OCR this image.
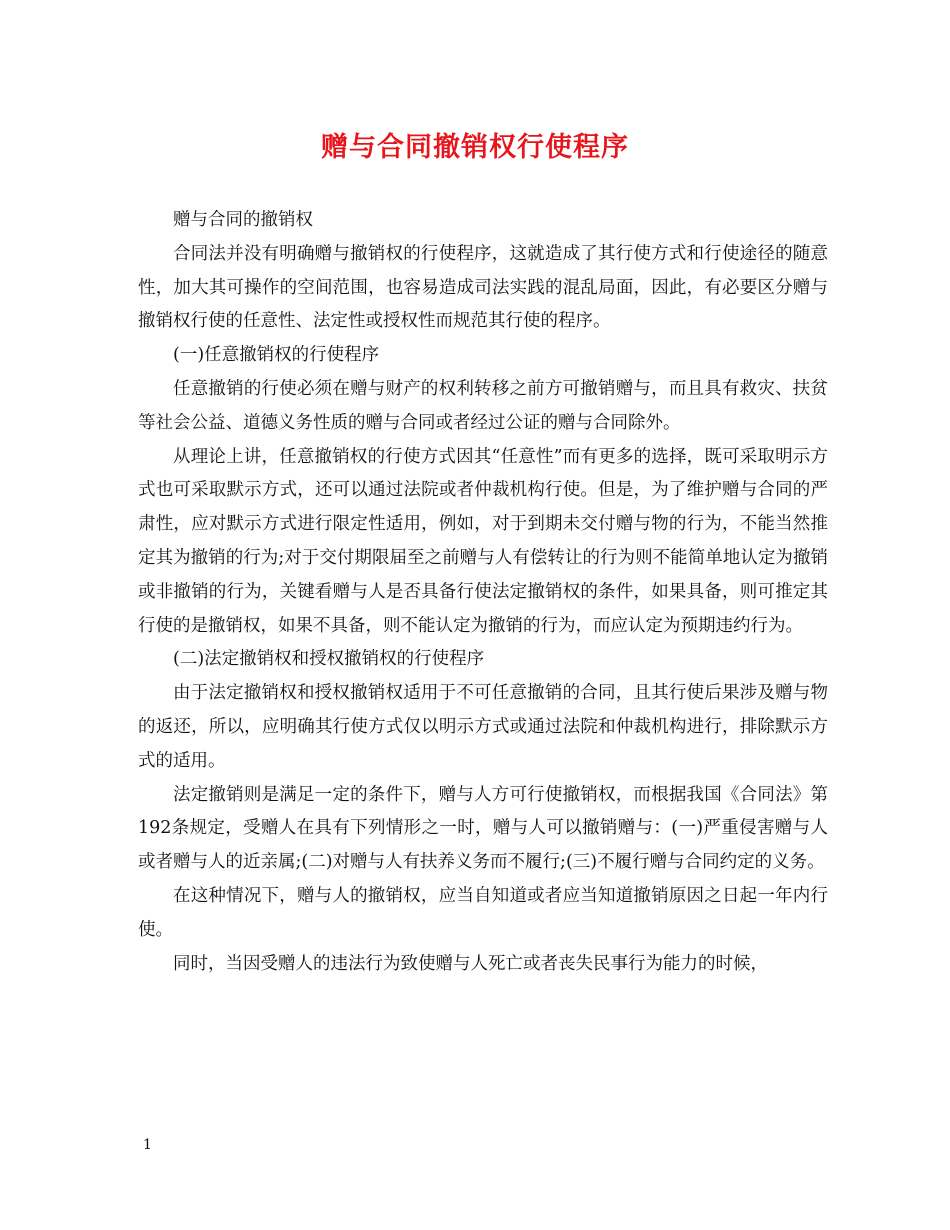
赠与合同撤销权行使程序

赠与合同的撤销权

合同法并没有明确赠与撤销权的行使程序，这就造成了其行使方式和行使途径的随意性，加大其可操作的空间范围，也容易造成司法实践的混乱局面，因此，有必要区分赠与撤销权行使的任意性、法定性或授权性而规范其行使的程序。

(一)任意撤销权的行使程序

任意撤销的行使必须在赠与财产的权利转移之前方可撤销赠与，而且具有救灾、扶贫等社会公益、道德义务性质的赠与合同或者经过公证的赠与合同除外。

从理论上讲，任意撤销权的行使方式因其“任意性”而有更多的选择，既可采取明示方式也可采取默示方式，还可以通过法院或者仲裁机构行使。但是，为了维护赠与合同的严肃性，应对默示方式进行限定性适用，例如，对于到期未交付赠与物的行为，不能当然推定其为撤销的行为;对于交付期限届至之前赠与人有偿转让的行为则不能简单地认定为撤销或非撤销的行为，关键看赠与人是否具备行使法定撤销权的条件，如果具备，则可推定其行使的是撤销权，如果不具备，则不能认定为撤销的行为，而应认定为预期违约行为。

(二)法定撤销权和授权撤销权的行使程序

由于法定撤销权和授权撤销权适用于不可任意撤销的合同，且其行使后果涉及赠与物的返还，所以，应明确其行使方式仅以明示方式或通过法院和仲裁机构进行，排除默示方式的适用。

法定撤销则是满足一定的条件下，赠与人方可行使撤销权，而根据我国《合同法》第192条规定，受赠人在具有下列情形之一时，赠与人可以撤销赠与：(一)严重侵害赠与人或者赠与人的近亲属;(二)对赠与人有扶养义务而不履行;(三)不履行赠与合同约定的义务。

在这种情况下，赠与人的撤销权，应当自知道或者应当知道撤销原因之日起一年内行使。

同时，当因受赠人的违法行为致使赠与人死亡或者丧失民事行为能力的时候，

1
